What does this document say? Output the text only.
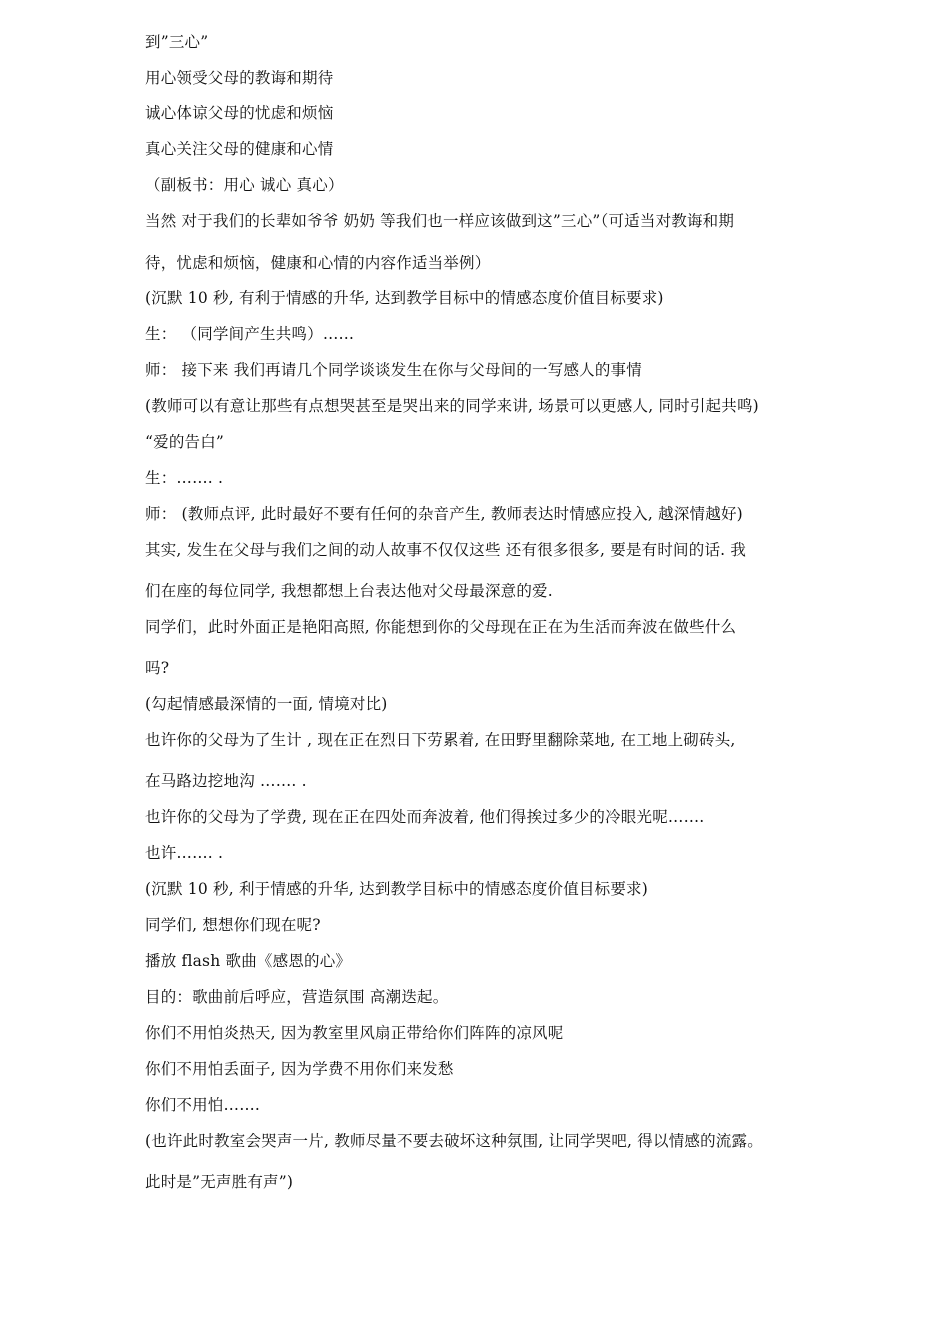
到”三心”
用心领受父母的教诲和期待
诚心体谅父母的忧虑和烦恼
真心关注父母的健康和心情
（副板书：用心 诚心 真心）
当然 对于我们的长辈如爷爷 奶奶 等我们也一样应该做到这”三心”（可适当对教诲和期
待，忧虑和烦恼，健康和心情的内容作适当举例）
(沉默 10 秒, 有利于情感的升华, 达到教学目标中的情感态度价值目标要求)
生： （同学间产生共鸣）……
师： 接下来 我们再请几个同学谈谈发生在你与父母间的一写感人的事情
(教师可以有意让那些有点想哭甚至是哭出来的同学来讲, 场景可以更感人, 同时引起共鸣)
“爱的告白”
生：……. .
师： (教师点评, 此时最好不要有任何的杂音产生, 教师表达时情感应投入, 越深情越好)
其实, 发生在父母与我们之间的动人故事不仅仅这些 还有很多很多, 要是有时间的话. 我
们在座的每位同学, 我想都想上台表达他对父母最深意的爱.
同学们，此时外面正是艳阳高照, 你能想到你的父母现在正在为生活而奔波在做些什么
吗?
(勾起情感最深情的一面, 情境对比)
也许你的父母为了生计 , 现在正在烈日下劳累着, 在田野里翻除菜地, 在工地上砌砖头,
在马路边挖地沟 ……. .
也许你的父母为了学费, 现在正在四处而奔波着, 他们得挨过多少的冷眼光呢…….
也许……. .
(沉默 10 秒, 利于情感的升华, 达到教学目标中的情感态度价值目标要求)
同学们, 想想你们现在呢?
播放 flash 歌曲《感恩的心》
目的：歌曲前后呼应，营造氛围 高潮迭起。
你们不用怕炎热天, 因为教室里风扇正带给你们阵阵的凉风呢
你们不用怕丢面子, 因为学费不用你们来发愁
你们不用怕…….
(也许此时教室会哭声一片, 教师尽量不要去破坏这种氛围, 让同学哭吧, 得以情感的流露。
此时是”无声胜有声”)
